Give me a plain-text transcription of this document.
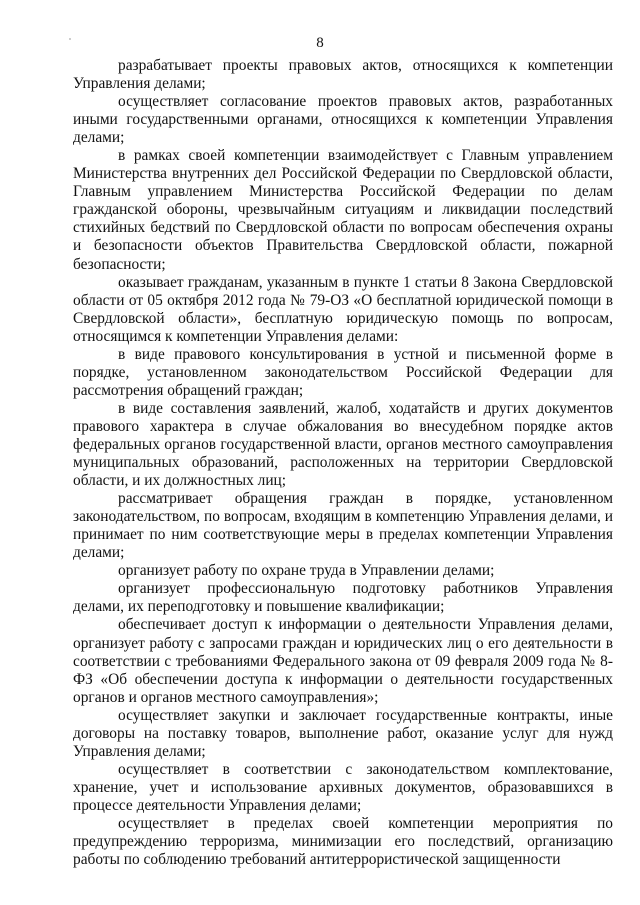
8

разрабатывает проекты правовых актов, относящихся к компетенции Управления делами;

осуществляет согласование проектов правовых актов, разработанных иными государственными органами, относящихся к компетенции Управления делами;

в рамках своей компетенции взаимодействует с Главным управлением Министерства внутренних дел Российской Федерации по Свердловской области, Главным управлением Министерства Российской Федерации по делам гражданской обороны, чрезвычайным ситуациям и ликвидации последствий стихийных бедствий по Свердловской области по вопросам обеспечения охраны и безопасности объектов Правительства Свердловской области, пожарной безопасности;

оказывает гражданам, указанным в пункте 1 статьи 8 Закона Свердловской области от 05 октября 2012 года № 79-ОЗ «О бесплатной юридической помощи в Свердловской области», бесплатную юридическую помощь по вопросам, относящимся к компетенции Управления делами:

в виде правового консультирования в устной и письменной форме в порядке, установленном законодательством Российской Федерации для рассмотрения обращений граждан;

в виде составления заявлений, жалоб, ходатайств и других документов правового характера в случае обжалования во внесудебном порядке актов федеральных органов государственной власти, органов местного самоуправления муниципальных образований, расположенных на территории Свердловской области, и их должностных лиц;

рассматривает обращения граждан в порядке, установленном законодательством, по вопросам, входящим в компетенцию Управления делами, и принимает по ним соответствующие меры в пределах компетенции Управления делами;

организует работу по охране труда в Управлении делами;

организует профессиональную подготовку работников Управления делами, их переподготовку и повышение квалификации;

обеспечивает доступ к информации о деятельности Управления делами, организует работу с запросами граждан и юридических лиц о его деятельности в соответствии с требованиями Федерального закона от 09 февраля 2009 года № 8-ФЗ «Об обеспечении доступа к информации о деятельности государственных органов и органов местного самоуправления»;

осуществляет закупки и заключает государственные контракты, иные договоры на поставку товаров, выполнение работ, оказание услуг для нужд Управления делами;

осуществляет в соответствии с законодательством комплектование, хранение, учет и использование архивных документов, образовавшихся в процессе деятельности Управления делами;

осуществляет в пределах своей компетенции мероприятия по предупреждению терроризма, минимизации его последствий, организацию работы по соблюдению требований антитеррористической защищенности
